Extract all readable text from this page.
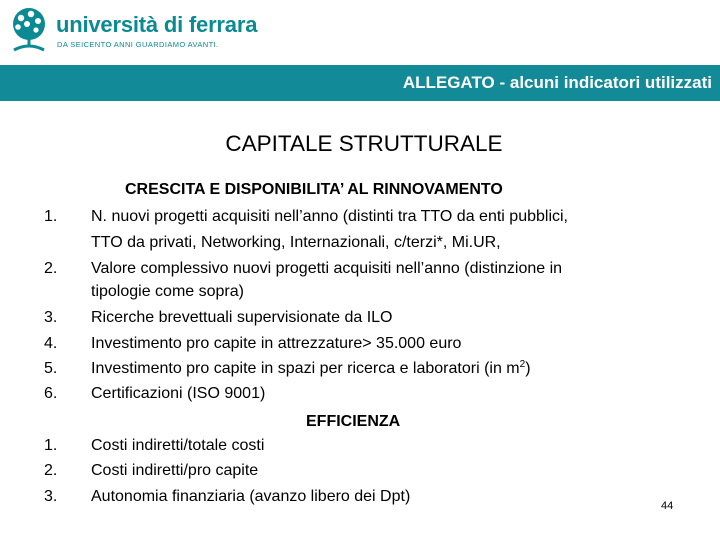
università di ferrara
DA SEICENTO ANNI GUARDIAMO AVANTI.
ALLEGATO - alcuni indicatori utilizzati
CAPITALE STRUTTURALE
CRESCITA E DISPONIBILITA’ AL RINNOVAMENTO
1.	N. nuovi progetti acquisiti nell’anno (distinti tra TTO da enti pubblici,
TTO da privati, Networking, Internazionali, c/terzi*, Mi.UR,
2.	Valore complessivo nuovi progetti acquisiti nell’anno (distinzione in
tipologie come sopra)
3.	Ricerche brevettuali supervisionate da ILO
4.	Investimento pro capite in attrezzature> 35.000 euro
5.	Investimento pro capite in spazi per ricerca e laboratori (in $m^2$)
6.	Certificazioni (ISO 9001)
EFFICIENZA
1.	Costi indiretti/totale costi
2.	Costi indiretti/pro capite
3.	Autonomia finanziaria (avanzo libero dei Dpt)
44
